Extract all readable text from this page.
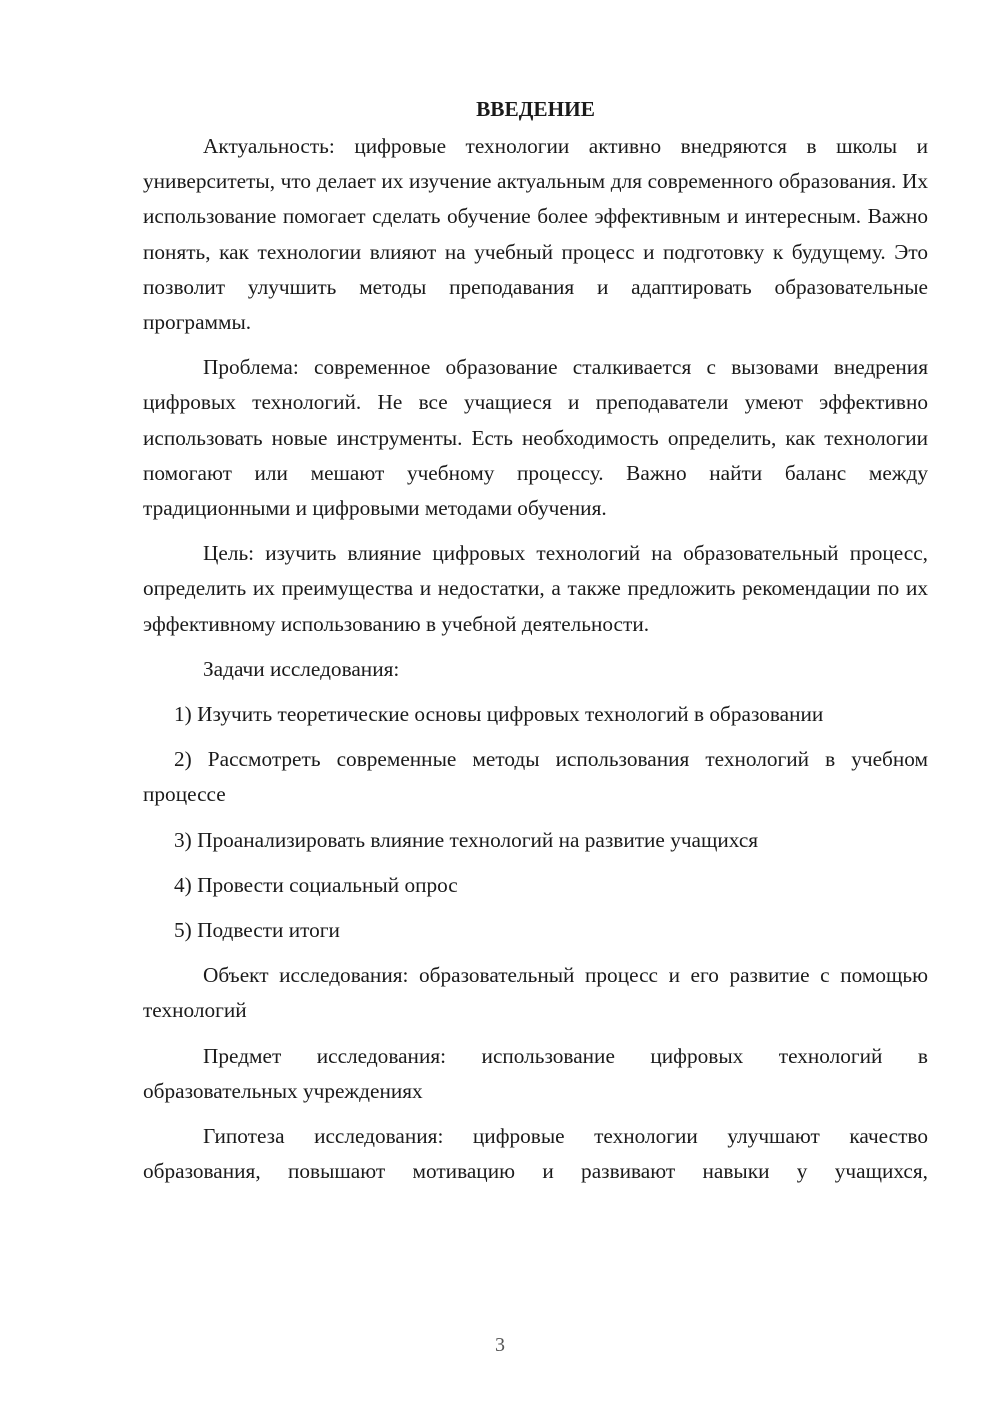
ВВЕДЕНИЕ

Актуальность: цифровые технологии активно внедряются в школы и университеты, что делает их изучение актуальным для современного образования. Их использование помогает сделать обучение более эффективным и интересным. Важно понять, как технологии влияют на учебный процесс и подготовку к будущему. Это позволит улучшить методы преподавания и адаптировать образовательные программы.

Проблема: современное образование сталкивается с вызовами внедрения цифровых технологий. Не все учащиеся и преподаватели умеют эффективно использовать новые инструменты. Есть необходимость определить, как технологии помогают или мешают учебному процессу. Важно найти баланс между традиционными и цифровыми методами обучения.

Цель: изучить влияние цифровых технологий на образовательный процесс, определить их преимущества и недостатки, а также предложить рекомендации по их эффективному использованию в учебной деятельности.

Задачи исследования:

1) Изучить теоретические основы цифровых технологий в образовании

2) Рассмотреть современные методы использования технологий в учебном процессе

3) Проанализировать влияние технологий на развитие учащихся

4) Провести социальный опрос

5) Подвести итоги

Объект исследования: образовательный процесс и его развитие с помощью технологий

Предмет исследования: использование цифровых технологий в образовательных учреждениях

Гипотеза исследования: цифровые технологии улучшают качество образования, повышают мотивацию и развивают навыки у учащихся,

3
